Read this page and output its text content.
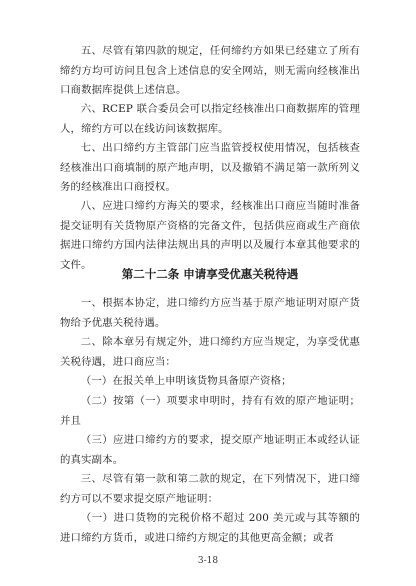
五、尽管有第四款的规定，任何缔约方如果已经建立了所有缔约方均可访问且包含上述信息的安全网站，则无需向经核准出口商数据库提供上述信息。

六、RCEP 联合委员会可以指定经核准出口商数据库的管理人，缔约方可以在线访问该数据库。

七、出口缔约方主管部门应当监管授权使用情况，包括核查经核准出口商填制的原产地声明，以及撤销不满足第一款所列义务的经核准出口商授权。

八、应进口缔约方海关的要求，经核准出口商应当随时准备提交证明有关货物原产资格的完备文件，包括供应商或生产商依据进口缔约方国内法律法规出具的声明以及履行本章其他要求的文件。

第二十二条 申请享受优惠关税待遇

一、根据本协定，进口缔约方应当基于原产地证明对原产货物给予优惠关税待遇。

二、除本章另有规定外，进口缔约方应当规定，为享受优惠关税待遇，进口商应当：

（一）在报关单上申明该货物具备原产资格；

（二）按第（一）项要求申明时，持有有效的原产地证明；并且

（三）应进口缔约方的要求，提交原产地证明正本或经认证的真实副本。

三、尽管有第一款和第二款的规定，在下列情况下，进口缔约方可以不要求提交原产地证明：

（一）进口货物的完税价格不超过 200 美元或与其等额的进口缔约方货币，或进口缔约方规定的其他更高金额；或者

3-18
